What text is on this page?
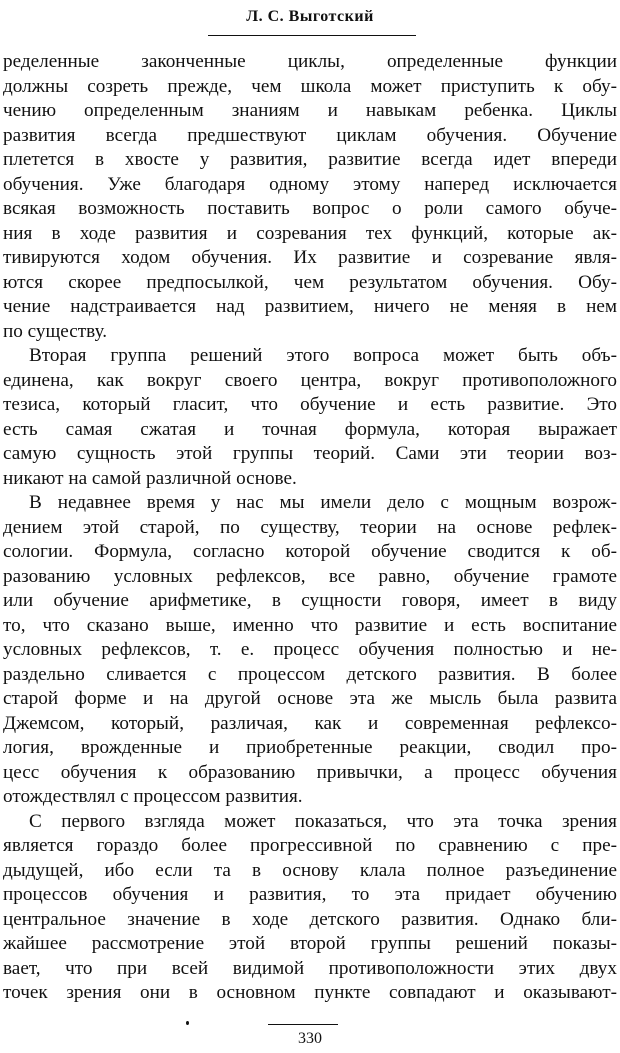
Л. С. Выготский
ределенные законченные циклы, определенные функции
должны созреть прежде, чем школа может приступить к обу-
чению определенным знаниям и навыкам ребенка. Циклы
развития всегда предшествуют циклам обучения. Обучение
плетется в хвосте у развития, развитие всегда идет впереди
обучения. Уже благодаря одному этому наперед исключается
всякая возможность поставить вопрос о роли самого обуче-
ния в ходе развития и созревания тех функций, которые ак-
тивируются ходом обучения. Их развитие и созревание явля-
ются скорее предпосылкой, чем результатом обучения. Обу-
чение надстраивается над развитием, ничего не меняя в нем
по существу.
Вторая группа решений этого вопроса может быть объ-
единена, как вокруг своего центра, вокруг противоположного
тезиса, который гласит, что обучение и есть развитие. Это
есть самая сжатая и точная формула, которая выражает
самую сущность этой группы теорий. Сами эти теории воз-
никают на самой различной основе.
В недавнее время у нас мы имели дело с мощным возрож-
дением этой старой, по существу, теории на основе рефлек-
сологии. Формула, согласно которой обучение сводится к об-
разованию условных рефлексов, все равно, обучение грамоте
или обучение арифметике, в сущности говоря, имеет в виду
то, что сказано выше, именно что развитие и есть воспитание
условных рефлексов, т. е. процесс обучения полностью и не-
раздельно сливается с процессом детского развития. В более
старой форме и на другой основе эта же мысль была развита
Джемсом, который, различая, как и современная рефлексо-
логия, врожденные и приобретенные реакции, сводил про-
цесс обучения к образованию привычки, а процесс обучения
отождествлял с процессом развития.
С первого взгляда может показаться, что эта точка зрения
является гораздо более прогрессивной по сравнению с пре-
дыдущей, ибо если та в основу клала полное разъединение
процессов обучения и развития, то эта придает обучению
центральное значение в ходе детского развития. Однако бли-
жайшее рассмотрение этой второй группы решений показы-
вает, что при всей видимой противоположности этих двух
точек зрения они в основном пункте совпадают и оказывают-
330
